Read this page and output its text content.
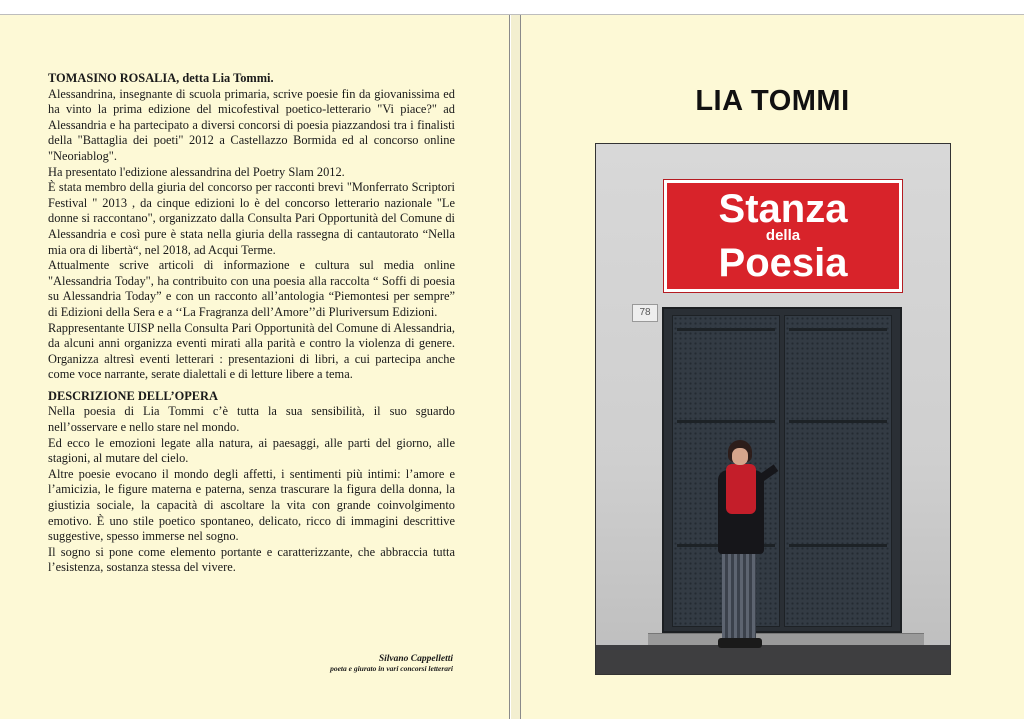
TOMASINO ROSALIA, detta Lia Tommi.

Alessandrina, insegnante di scuola primaria, scrive poesie fin da giovanissima ed ha vinto la prima edizione del micofestival poetico-letterario "Vi piace?" ad Alessandria e ha partecipato a diversi concorsi di poesia piazzandosi tra i finalisti della "Battaglia dei poeti" 2012 a Castellazzo Bormida ed al concorso online "Neoriablog".

Ha presentato l'edizione alessandrina del Poetry Slam 2012.

È stata membro della giuria del concorso per racconti brevi "Monferrato Scriptori Festival " 2013 , da cinque edizioni lo è del concorso letterario nazionale "Le donne si raccontano", organizzato dalla Consulta Pari Opportunità del Comune di Alessandria e così pure è stata nella giuria della rassegna di cantautorato “Nella mia ora di libertà“, nel 2018, ad Acqui Terme.

Attualmente scrive articoli di informazione e cultura sul media online "Alessandria Today", ha contribuito con una poesia alla raccolta “ Soffi di poesia su Alessandria Today” e con un racconto all’antologia “Piemontesi per sempre” di Edizioni della Sera e a ‘‘La Fragranza dell’Amore’’di Pluriversum Edizioni.

Rappresentante UISP nella Consulta Pari Opportunità del Comune di Alessandria, da alcuni anni organizza eventi mirati alla parità e contro la violenza di genere. Organizza altresì eventi letterari : presentazioni di libri, a cui partecipa anche come voce narrante, serate dialettali e di letture libere a tema.

DESCRIZIONE DELL’OPERA

Nella poesia di Lia Tommi c’è tutta la sua sensibilità, il suo sguardo nell’osservare e nello stare nel mondo.

Ed ecco le emozioni legate alla natura, ai paesaggi, alle parti del giorno, alle stagioni, al mutare del cielo.

Altre poesie evocano il mondo degli affetti, i sentimenti più intimi: l’amore e l’amicizia, le figure materna e paterna, senza trascurare la figura della donna, la giustizia sociale, la capacità di ascoltare la vita con grande coinvolgimento emotivo. È uno stile poetico spontaneo, delicato, ricco di immagini descrittive suggestive, spesso immerse nel sogno.

Il sogno si pone come elemento portante e caratterizzante, che abbraccia tutta l’esistenza, sostanza stessa del vivere.

Silvano Cappelletti
poeta e giurato in vari concorsi letterari
LIA TOMMI
Stanza
della
Poesia
78
